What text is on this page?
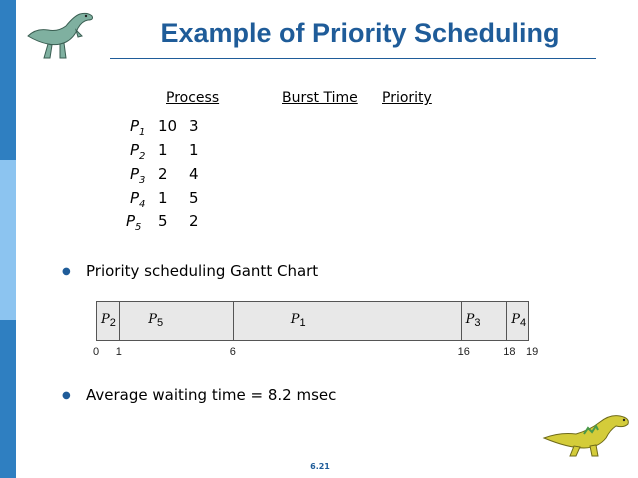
Example of Priority Scheduling
Process	Burst Time Priority
$P_1$ 10 3
$P_2$ 1 1
$P_3$ 2 4
$P_4$ 1 5
$P_5$ 5 2
● Priority scheduling Gantt Chart
$P_2$ $P_5$	$P_1$	$P_3$ $P_4$
0 1	6	16	18 19
● Average waiting time = 8.2 msec
6.21
